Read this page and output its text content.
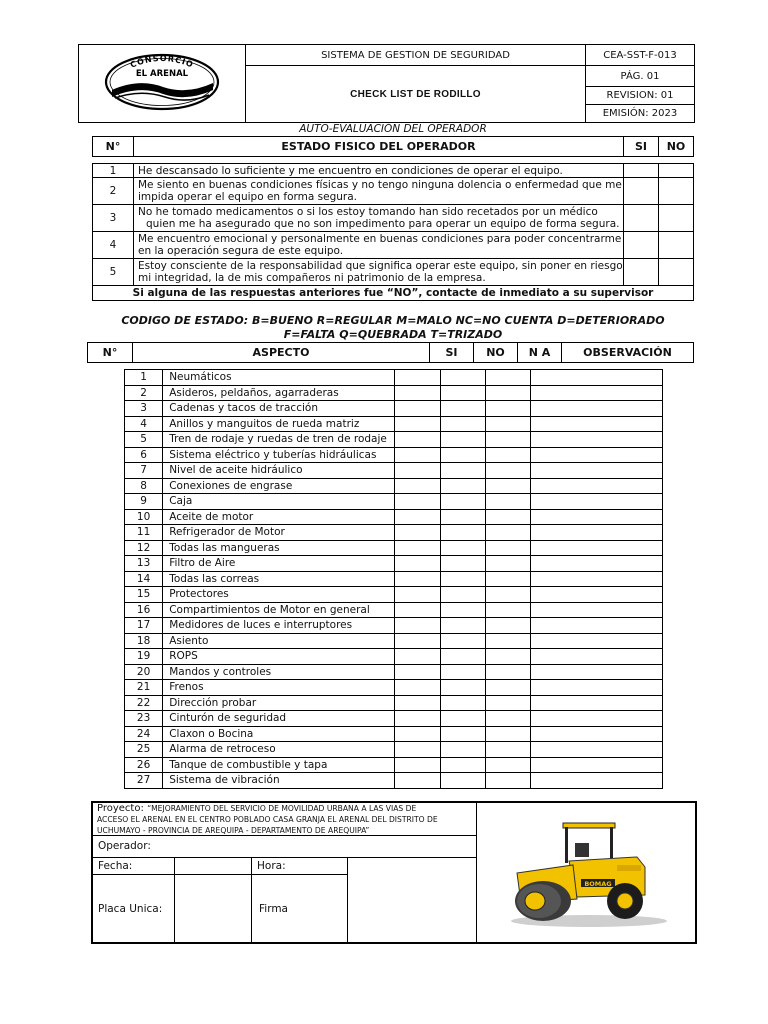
CONSORCIO
EL ARENAL	SISTEMA DE GESTION DE SEGURIDAD	CEA-SST-F-013
	CHECK LIST DE RODILLO	PÁG. 01
		REVISION: 01
		EMISIÓN: 2023
AUTO-EVALUACIÓN DEL OPERADOR
N°	ESTADO FISICO DEL OPERADOR	SI	NO
1	He descansado lo suficiente y me encuentro en condiciones de operar el equipo.		
2	Me siento en buenas condiciones físicas y no tengo ninguna dolencia o enfermedad que me
impida operar el equipo en forma segura.		

3	No he tomado medicamentos o si los estoy tomando han sido recetados por un médico
quien me ha asegurado que no son impedimento para operar un equipo de forma segura.		

4	Me encuentro emocional y personalmente en buenas condiciones para poder concentrarme
en la operación segura de este equipo.		

5	Estoy consciente de la responsabilidad que significa operar este equipo, sin poner en riesgo
mi integridad, la de mis compañeros ni patrimonio de la empresa.		

Si alguna de las respuestas anteriores fue “NO”, contacte de inmediato a su supervisor			
CODIGO DE ESTADO: B=BUENO R=REGULAR M=MALO NC=NO CUENTA D=DETERIORADO
F=FALTA Q=QUEBRADA T=TRIZADO
N°	ASPECTO	SI	NO	N A	OBSERVACIÓN
1	Neumáticos				
2	Asideros, peldaños, agarraderas				
3	Cadenas y tacos de tracción				
4	Anillos y manguitos de rueda matriz				
5	Tren de rodaje y ruedas de tren de rodaje				
6	Sistema eléctrico y tuberías hidráulicas				
7	Nivel de aceite hidráulico				
8	Conexiones de engrase				
9	Caja				
10	Aceite de motor				
11	Refrigerador de Motor				
12	Todas las mangueras				
13	Filtro de Aire				
14	Todas las correas				
15	Protectores				
16	Compartimientos de Motor en general				
17	Medidores de luces e interruptores				
18	Asiento				
19	ROPS				
20	Mandos y controles				
21	Frenos				
22	Dirección probar				
23	Cinturón de seguridad				
24	Claxon o Bocina				
25	Alarma de retroceso				
26	Tanque de combustible y tapa				
27	Sistema de vibración				
Proyecto: “MEJORAMIENTO DEL SERVICIO DE MOVILIDAD URBANA A LAS VIAS DE
ACCESO EL ARENAL EN EL CENTRO POBLADO CASA GRANJA EL ARENAL DEL DISTRITO DE
UCHUMAYO - PROVINCIA DE AREQUIPA - DEPARTAMENTO DE AREQUIPA”
Operador:
Fecha:	Hora:
Placa Unica:	Firma
BOMAG
